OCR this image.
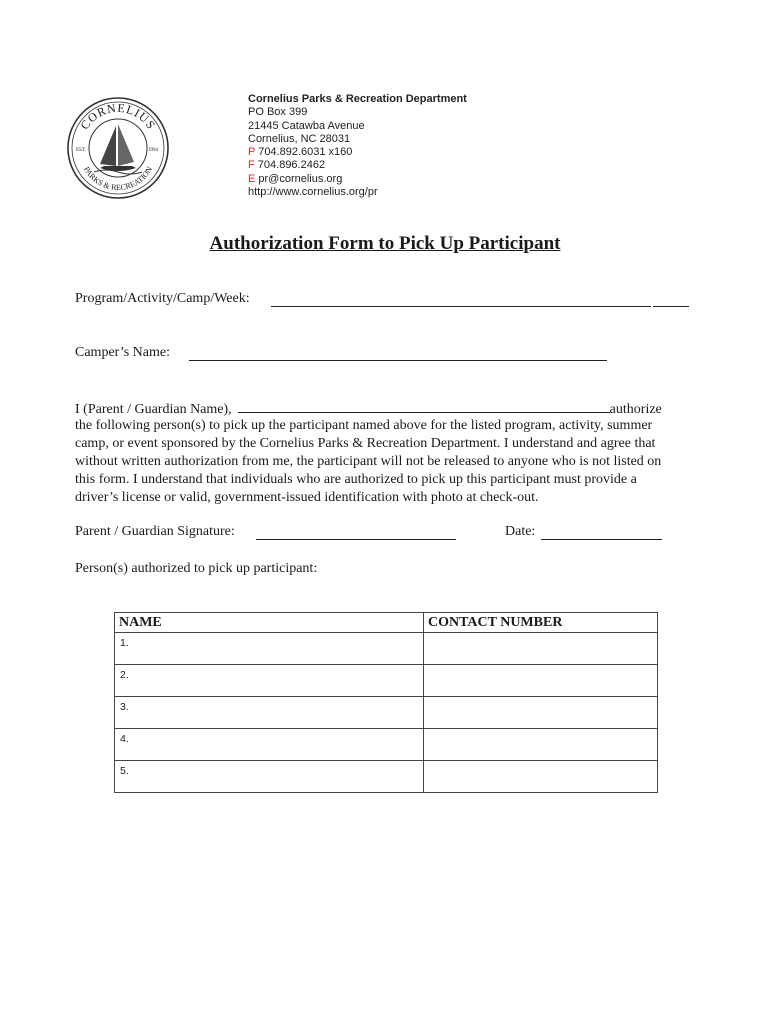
CORNELIUS
PARKS & RECREATION
EST.	1994
Cornelius Parks & Recreation Department
PO Box 399
21445 Catawba Avenue
Cornelius, NC 28031
P 704.892.6031 x160
F 704.896.2462
E pr@cornelius.org
http://www.cornelius.org/pr
Authorization Form to Pick Up Participant
Program/Activity/Camp/Week:
Camper’s Name:
I (Parent / Guardian Name),	authorize
the following person(s) to pick up the participant named above for the listed program, activity, summer
camp, or event sponsored by the Cornelius Parks & Recreation Department. I understand and agree that
without written authorization from me, the participant will not be released to anyone who is not listed on
this form. I understand that individuals who are authorized to pick up this participant must provide a
driver’s license or valid, government-issued identification with photo at check-out.
Parent / Guardian Signature:	Date:
Person(s) authorized to pick up participant:
NAME	CONTACT NUMBER
1.	
2.	
3.	
4.	
5.	
